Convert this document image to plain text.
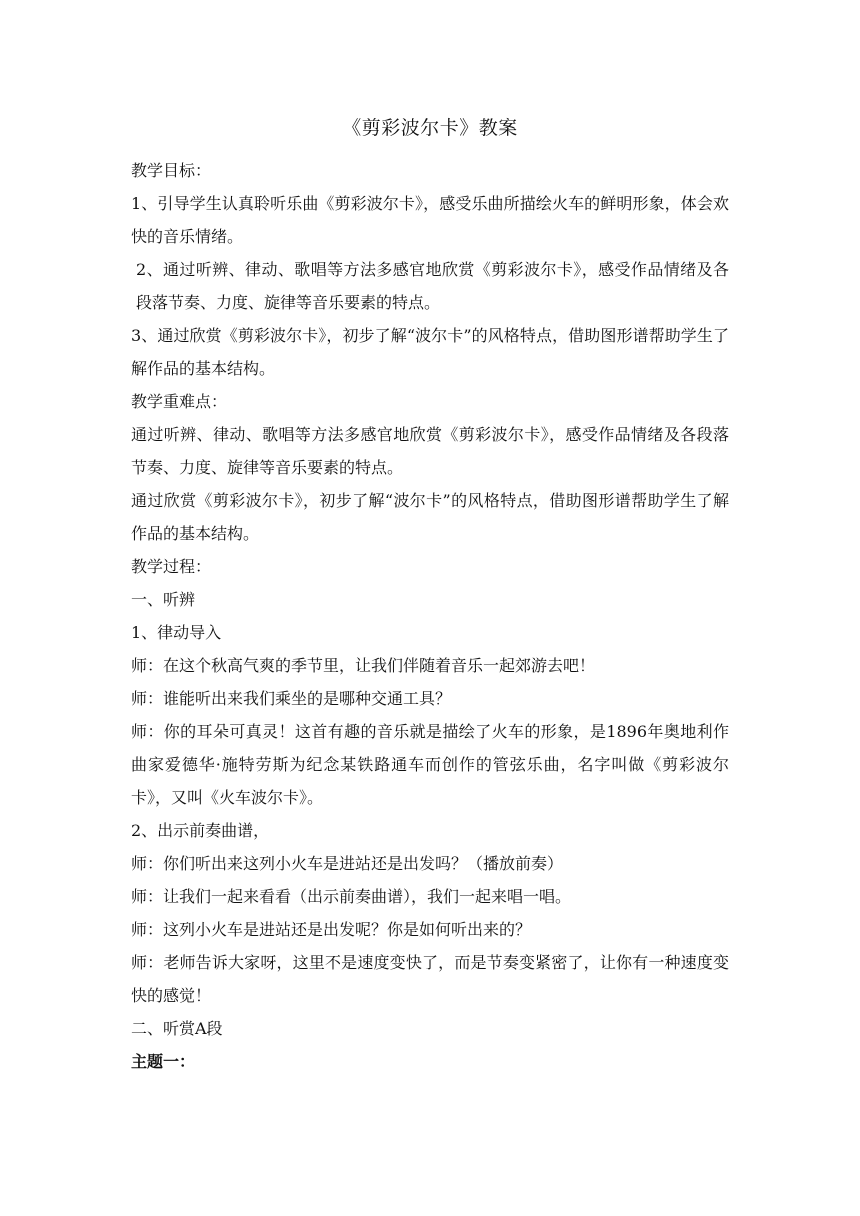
《剪彩波尔卡》教案

教学目标：

1、引导学生认真聆听乐曲《剪彩波尔卡》，感受乐曲所描绘火车的鲜明形象，体会欢快的音乐情绪。

2、通过听辨、律动、歌唱等方法多感官地欣赏《剪彩波尔卡》，感受作品情绪及各段落节奏、力度、旋律等音乐要素的特点。

3、通过欣赏《剪彩波尔卡》，初步了解“波尔卡”的风格特点，借助图形谱帮助学生了解作品的基本结构。

教学重难点：

通过听辨、律动、歌唱等方法多感官地欣赏《剪彩波尔卡》，感受作品情绪及各段落节奏、力度、旋律等音乐要素的特点。

通过欣赏《剪彩波尔卡》，初步了解“波尔卡”的风格特点，借助图形谱帮助学生了解作品的基本结构。

教学过程：

一、听辨

1、律动导入

师：在这个秋高气爽的季节里，让我们伴随着音乐一起郊游去吧！

师：谁能听出来我们乘坐的是哪种交通工具？

师：你的耳朵可真灵！这首有趣的音乐就是描绘了火车的形象，是1896年奥地利作曲家爱德华·施特劳斯为纪念某铁路通车而创作的管弦乐曲，名字叫做《剪彩波尔卡》，又叫《火车波尔卡》。

2、出示前奏曲谱，

师：你们听出来这列小火车是进站还是出发吗？（播放前奏）

师：让我们一起来看看（出示前奏曲谱），我们一起来唱一唱。

师：这列小火车是进站还是出发呢？你是如何听出来的？

师：老师告诉大家呀，这里不是速度变快了，而是节奏变紧密了，让你有一种速度变快的感觉！

二、听赏A段

主题一：
